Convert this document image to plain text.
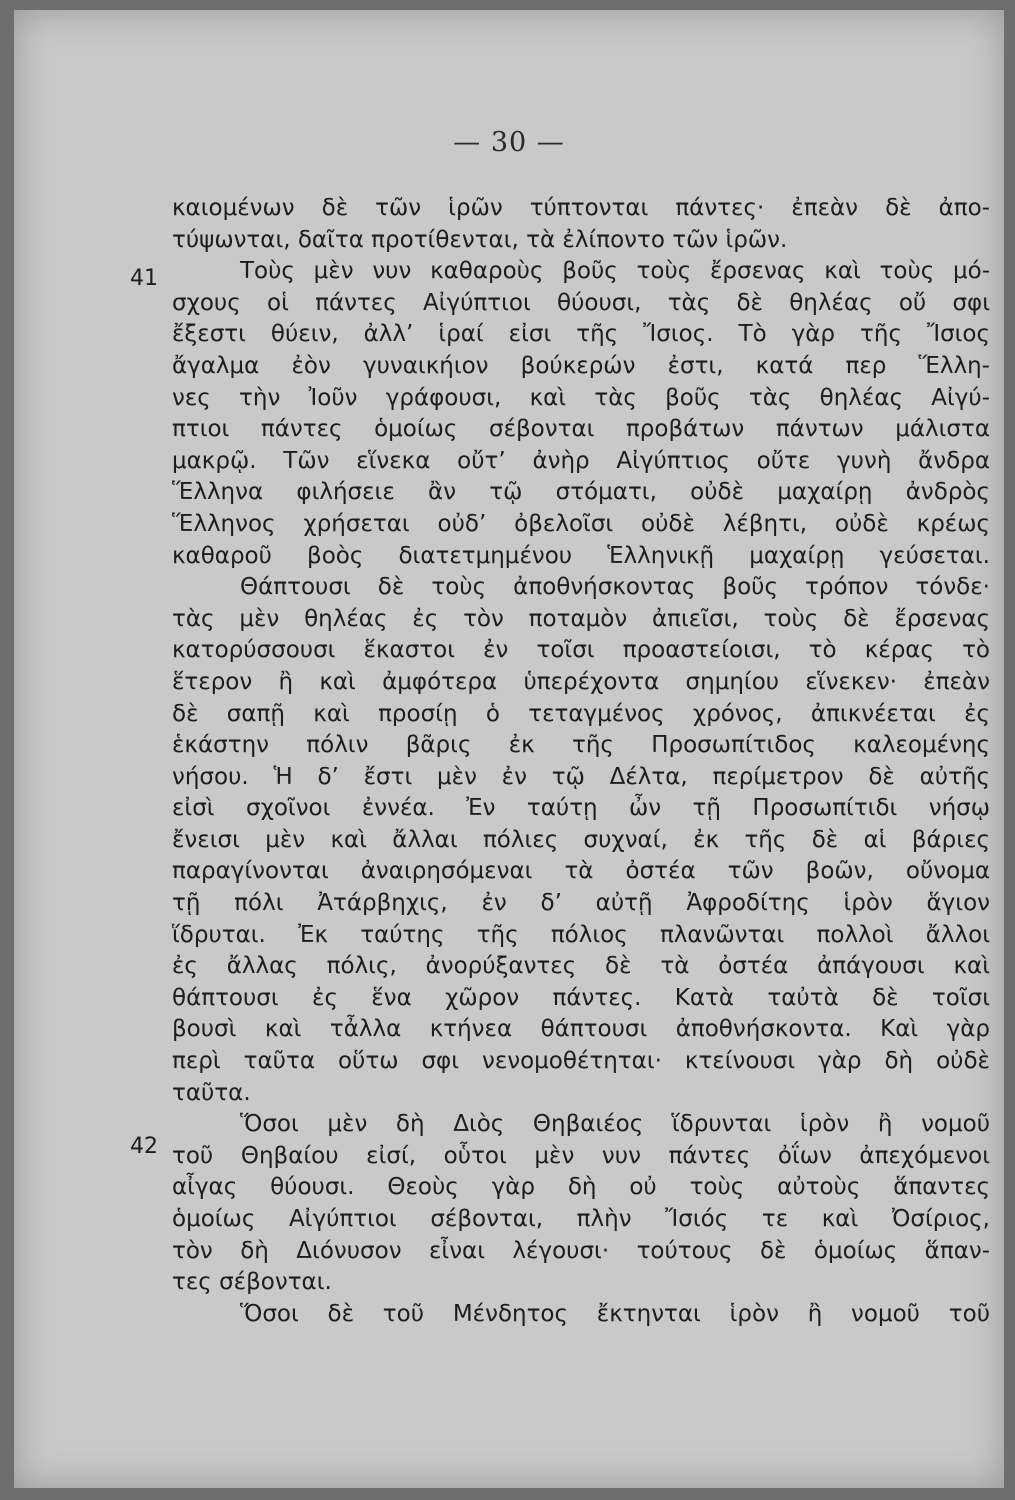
— 30 —
41
42
καιομένων δὲ τῶν ἱρῶν τύπτονται πάντες· ἐπεὰν δὲ ἀπο-
τύψωνται, δαῖτα προτίθενται, τὰ ἐλίποντο τῶν ἱρῶν.
Τοὺς μὲν νυν καθαροὺς βοῦς τοὺς ἔρσενας καὶ τοὺς μό-
σχους οἱ πάντες Αἰγύπτιοι θύουσι, τὰς δὲ θηλέας οὔ σφι
ἔξεστι θύειν, ἀλλ’ ἱραί εἰσι τῆς Ἴσιος. Τὸ γὰρ τῆς Ἴσιος
ἄγαλμα ἐὸν γυναικήιον βούκερών ἐστι, κατά περ Ἕλλη-
νες τὴν Ἰοῦν γράφουσι, καὶ τὰς βοῦς τὰς θηλέας Αἰγύ-
πτιοι πάντες ὁμοίως σέβονται προβάτων πάντων μάλιστα
μακρῷ. Τῶν εἵνεκα οὔτ’ ἀνὴρ Αἰγύπτιος οὔτε γυνὴ ἄνδρα
Ἕλληνα φιλήσειε ἂν τῷ στόματι, οὐδὲ μαχαίρῃ ἀνδρὸς
Ἕλληνος χρήσεται οὐδ’ ὀβελοῖσι οὐδὲ λέβητι, οὐδὲ κρέως
καθαροῦ βοὸς διατετμημένου Ἑλληνικῇ μαχαίρῃ γεύσεται.
Θάπτουσι δὲ τοὺς ἀποθνήσκοντας βοῦς τρόπον τόνδε·
τὰς μὲν θηλέας ἐς τὸν ποταμὸν ἀπιεῖσι, τοὺς δὲ ἔρσενας
κατορύσσουσι ἕκαστοι ἐν τοῖσι προαστείοισι, τὸ κέρας τὸ
ἕτερον ἢ καὶ ἀμφότερα ὑπερέχοντα σημηίου εἵνεκεν· ἐπεὰν
δὲ σαπῇ καὶ προσίῃ ὁ τεταγμένος χρόνος, ἀπικνέεται ἐς
ἑκάστην πόλιν βᾶρις ἐκ τῆς Προσωπίτιδος καλεομένης
νήσου. Ἡ δ’ ἔστι μὲν ἐν τῷ Δέλτα, περίμετρον δὲ αὐτῆς
εἰσὶ σχοῖνοι ἐννέα. Ἐν ταύτῃ ὦν τῇ Προσωπίτιδι νήσῳ
ἔνεισι μὲν καὶ ἄλλαι πόλιες συχναί, ἐκ τῆς δὲ αἱ βάριες
παραγίνονται ἀναιρησόμεναι τὰ ὀστέα τῶν βοῶν, οὔνομα
τῇ πόλι Ἀτάρβηχις, ἐν δ’ αὐτῇ Ἀφροδίτης ἱρὸν ἅγιον
ἵδρυται. Ἐκ ταύτης τῆς πόλιος πλανῶνται πολλοὶ ἄλλοι
ἐς ἄλλας πόλις, ἀνορύξαντες δὲ τὰ ὀστέα ἀπάγουσι καὶ
θάπτουσι ἐς ἕνα χῶρον πάντες. Κατὰ ταὐτὰ δὲ τοῖσι
βουσὶ καὶ τἆλλα κτήνεα θάπτουσι ἀποθνήσκοντα. Καὶ γὰρ
περὶ ταῦτα οὕτω σφι νενομοθέτηται· κτείνουσι γὰρ δὴ οὐδὲ
ταῦτα.
Ὅσοι μὲν δὴ Διὸς Θηβαιέος ἵδρυνται ἱρὸν ἢ νομοῦ
τοῦ Θηβαίου εἰσί, οὗτοι μὲν νυν πάντες ὀΐων ἀπεχόμενοι
αἶγας θύουσι. Θεοὺς γὰρ δὴ οὐ τοὺς αὐτοὺς ἅπαντες
ὁμοίως Αἰγύπτιοι σέβονται, πλὴν Ἴσιός τε καὶ Ὀσίριος,
τὸν δὴ Διόνυσον εἶναι λέγουσι· τούτους δὲ ὁμοίως ἅπαν-
τες σέβονται.
Ὅσοι δὲ τοῦ Μένδητος ἔκτηνται ἱρὸν ἢ νομοῦ τοῦ
